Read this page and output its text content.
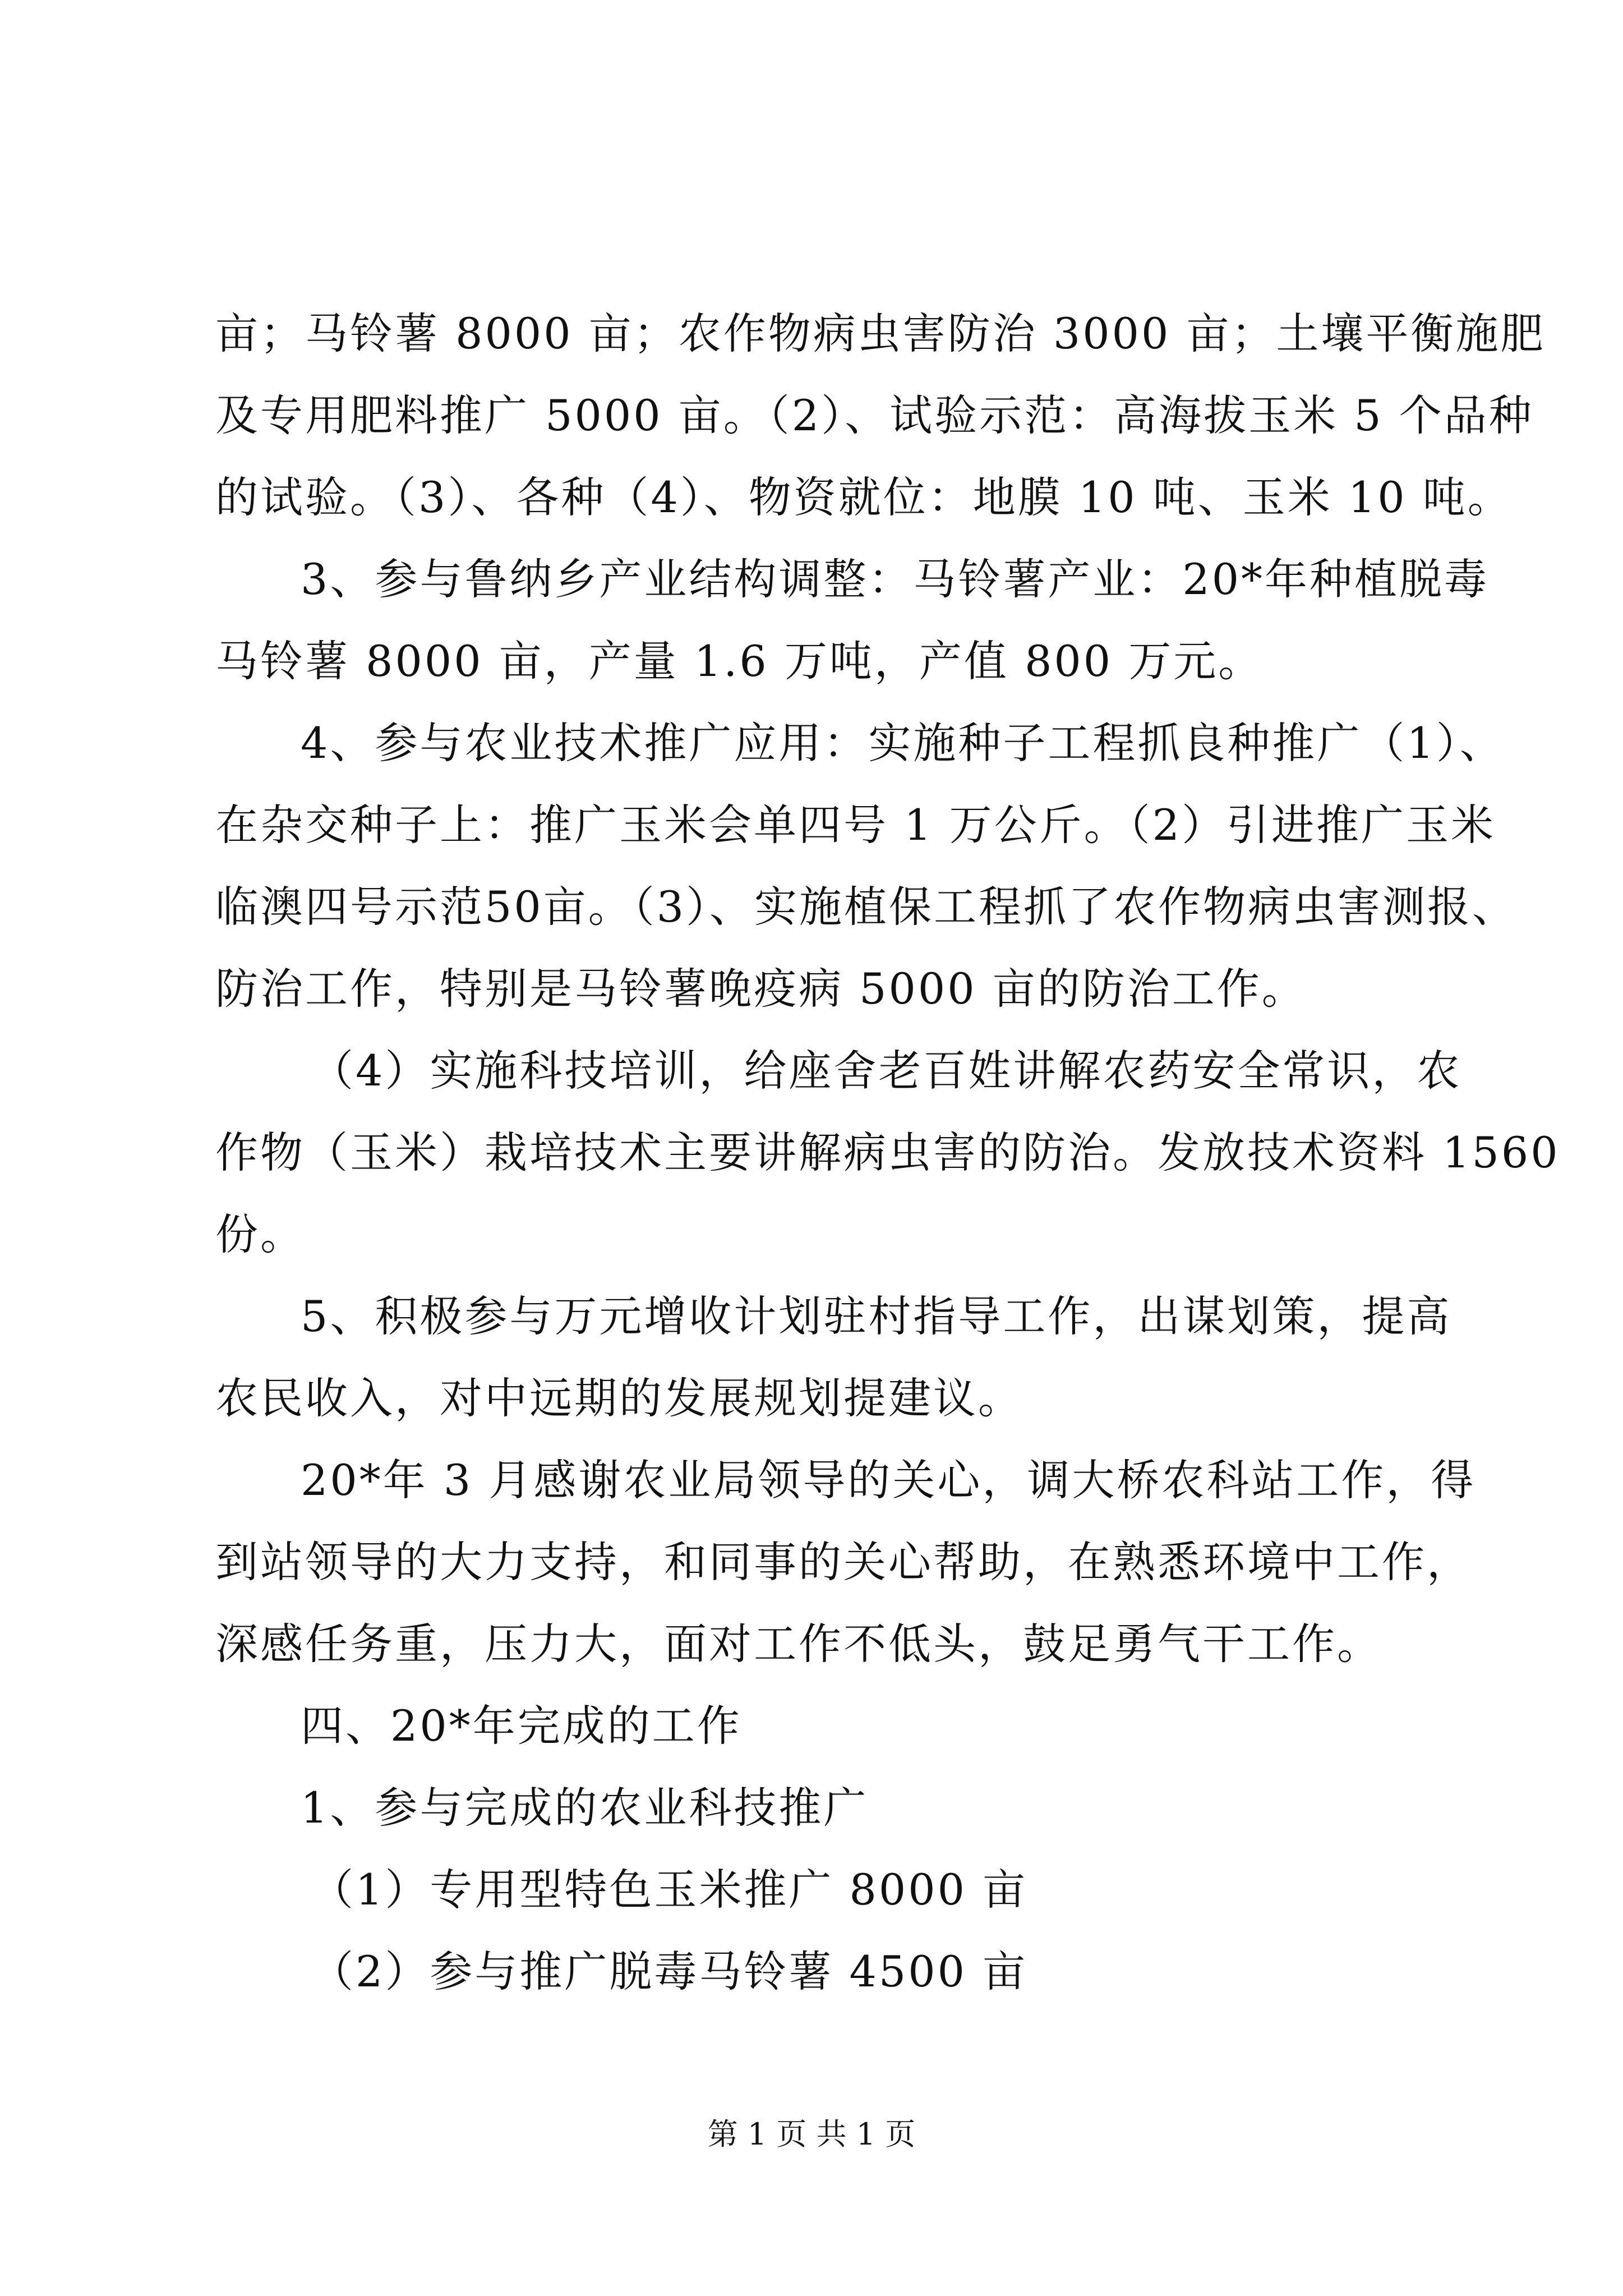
亩；马铃薯 8000 亩；农作物病虫害防治 3000 亩；土壤平衡施肥
及专用肥料推广 5000 亩。（2）、试验示范：高海拔玉米 5 个品种
的试验。（3）、各种（4）、物资就位：地膜 10 吨、玉米 10 吨。
3、参与鲁纳乡产业结构调整：马铃薯产业：20*年种植脱毒
马铃薯 8000 亩，产量 1.6 万吨，产值 800 万元。
4、参与农业技术推广应用：实施种子工程抓良种推广（1）、
在杂交种子上：推广玉米会单四号 1 万公斤。（2）引进推广玉米
临澳四号示范50亩。（3）、实施植保工程抓了农作物病虫害测报、
防治工作，特别是马铃薯晚疫病 5000 亩的防治工作。
（4）实施科技培训，给座舍老百姓讲解农药安全常识，农
作物（玉米）栽培技术主要讲解病虫害的防治。发放技术资料 1560
份。
5、积极参与万元增收计划驻村指导工作，出谋划策，提高
农民收入，对中远期的发展规划提建议。
20*年 3 月感谢农业局领导的关心，调大桥农科站工作，得
到站领导的大力支持，和同事的关心帮助，在熟悉环境中工作，
深感任务重，压力大，面对工作不低头，鼓足勇气干工作。
四、20*年完成的工作
1、参与完成的农业科技推广
（1）专用型特色玉米推广 8000 亩
（2）参与推广脱毒马铃薯 4500 亩
第 1 页 共 1 页
